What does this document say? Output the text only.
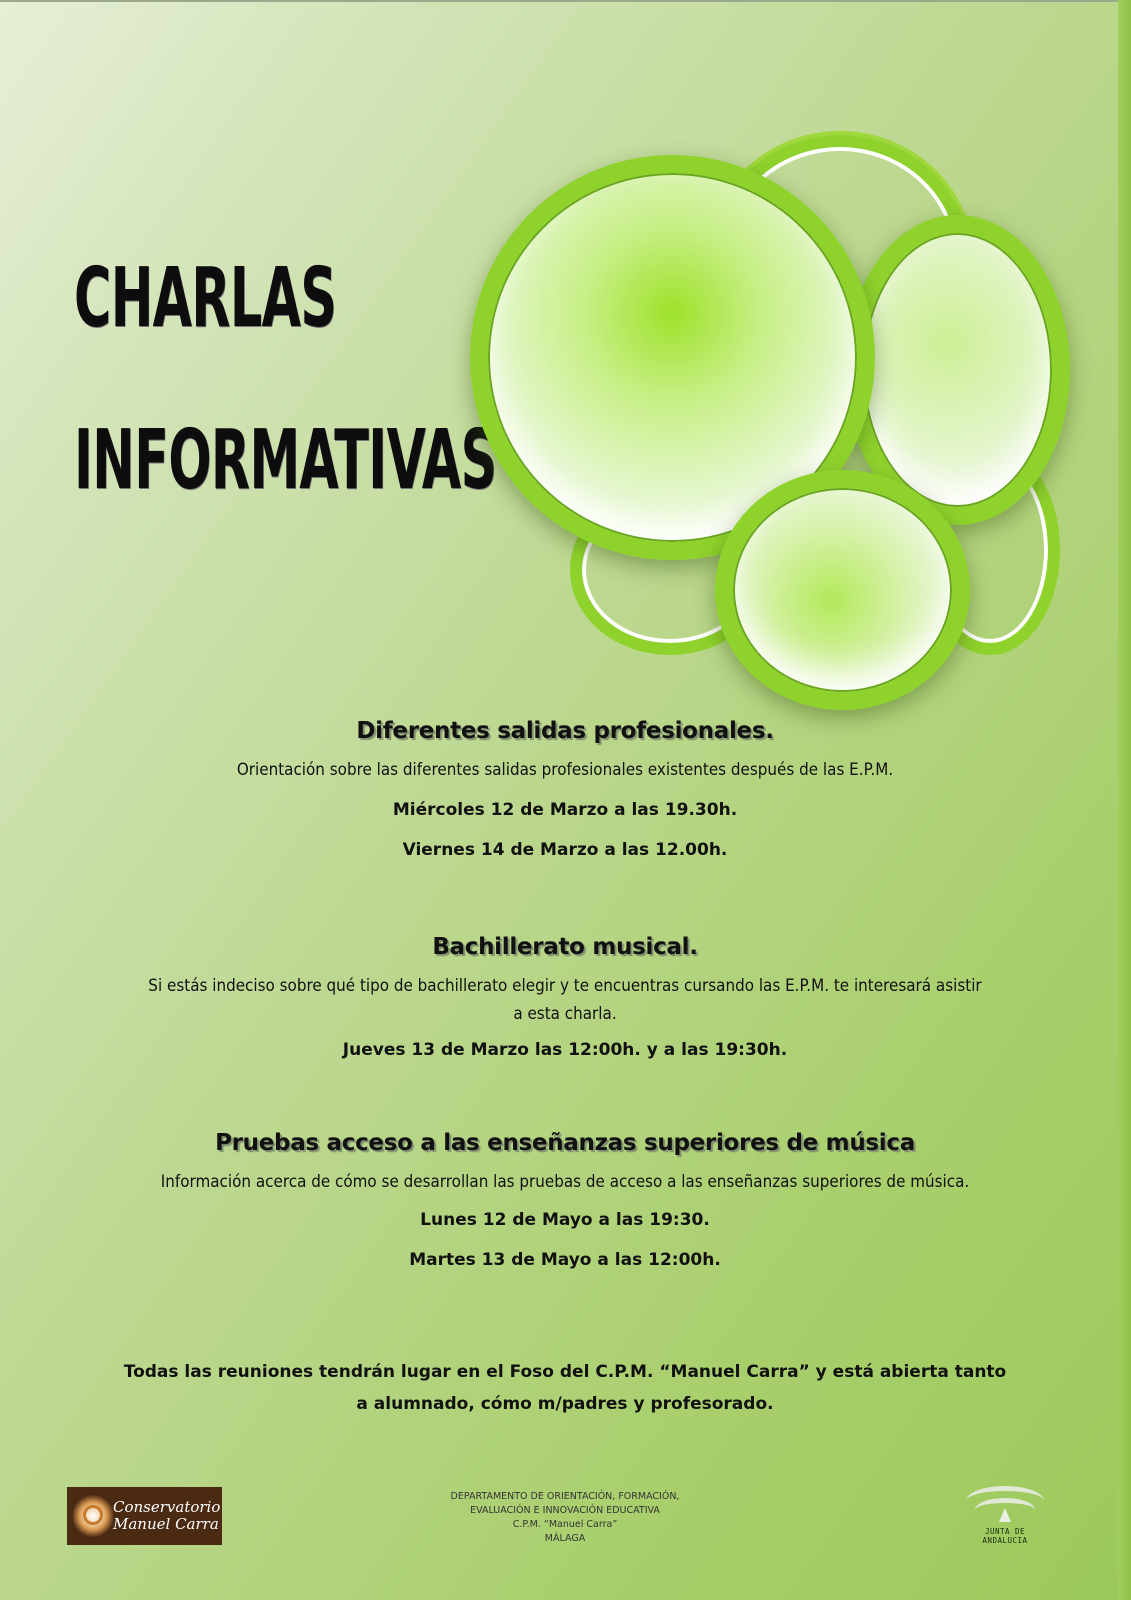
CHARLAS
INFORMATIVAS
Diferentes salidas profesionales.
Orientación sobre las diferentes salidas profesionales existentes después de las E.P.M.
Miércoles 12 de Marzo a las 19.30h.
Viernes 14 de Marzo a las 12.00h.
Bachillerato musical.
Si estás indeciso sobre qué tipo de bachillerato elegir y te encuentras cursando las E.P.M. te interesará asistir
a esta charla.
Jueves 13 de Marzo las 12:00h. y a las 19:30h.
Pruebas acceso a las enseñanzas superiores de música
Información acerca de cómo se desarrollan las pruebas de acceso a las enseñanzas superiores de música.
Lunes 12 de Mayo a las 19:30.
Martes 13 de Mayo a las 12:00h.
Todas las reuniones tendrán lugar en el Foso del C.P.M. “Manuel Carra” y está abierta tanto
a alumnado, cómo m/padres y profesorado.
Conservatorio
Manuel Carra
DEPARTAMENTO DE ORIENTACIÓN, FORMACIÓN,
EVALUACIÓN E INNOVACIÓN EDUCATIVA
C.P.M. “Manuel Carra”
MÁLAGA
JUNTA DE ANDALUCIA
